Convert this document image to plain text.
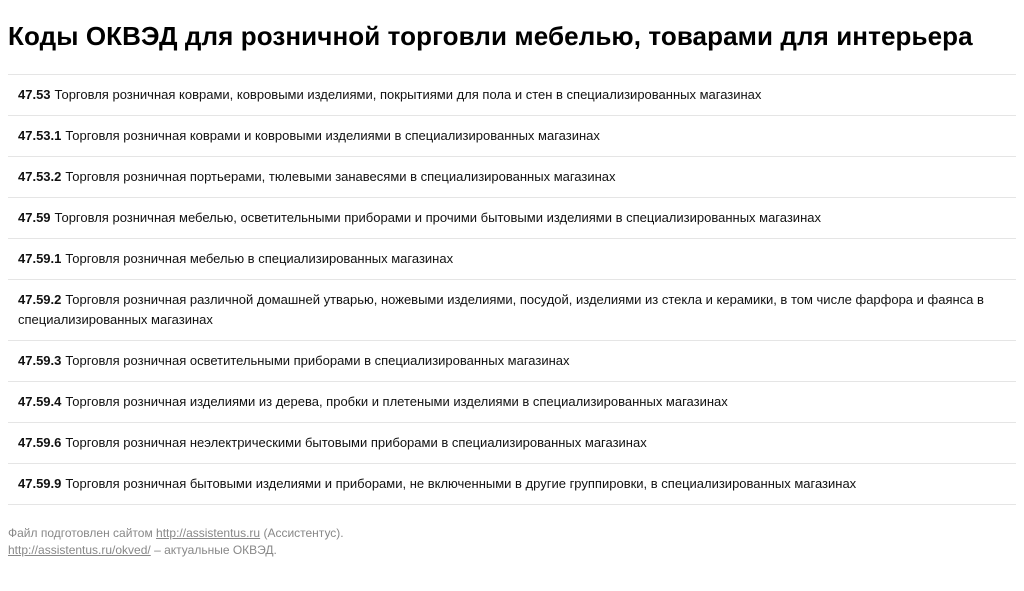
Коды ОКВЭД для розничной торговли мебелью, товарами для интерьера
47.53 Торговля розничная коврами, ковровыми изделиями, покрытиями для пола и стен в специализированных магазинах
47.53.1 Торговля розничная коврами и ковровыми изделиями в специализированных магазинах
47.53.2 Торговля розничная портьерами, тюлевыми занавесями в специализированных магазинах
47.59 Торговля розничная мебелью, осветительными приборами и прочими бытовыми изделиями в специализированных магазинах
47.59.1 Торговля розничная мебелью в специализированных магазинах
47.59.2 Торговля розничная различной домашней утварью, ножевыми изделиями, посудой, изделиями из стекла и керамики, в том числе фарфора и фаянса в специализированных магазинах
47.59.3 Торговля розничная осветительными приборами в специализированных магазинах
47.59.4 Торговля розничная изделиями из дерева, пробки и плетеными изделиями в специализированных магазинах
47.59.6 Торговля розничная неэлектрическими бытовыми приборами в специализированных магазинах
47.59.9 Торговля розничная бытовыми изделиями и приборами, не включенными в другие группировки, в специализированных магазинах
Файл подготовлен сайтом http://assistentus.ru (Ассистентус).
http://assistentus.ru/okved/ – актуальные ОКВЭД.
